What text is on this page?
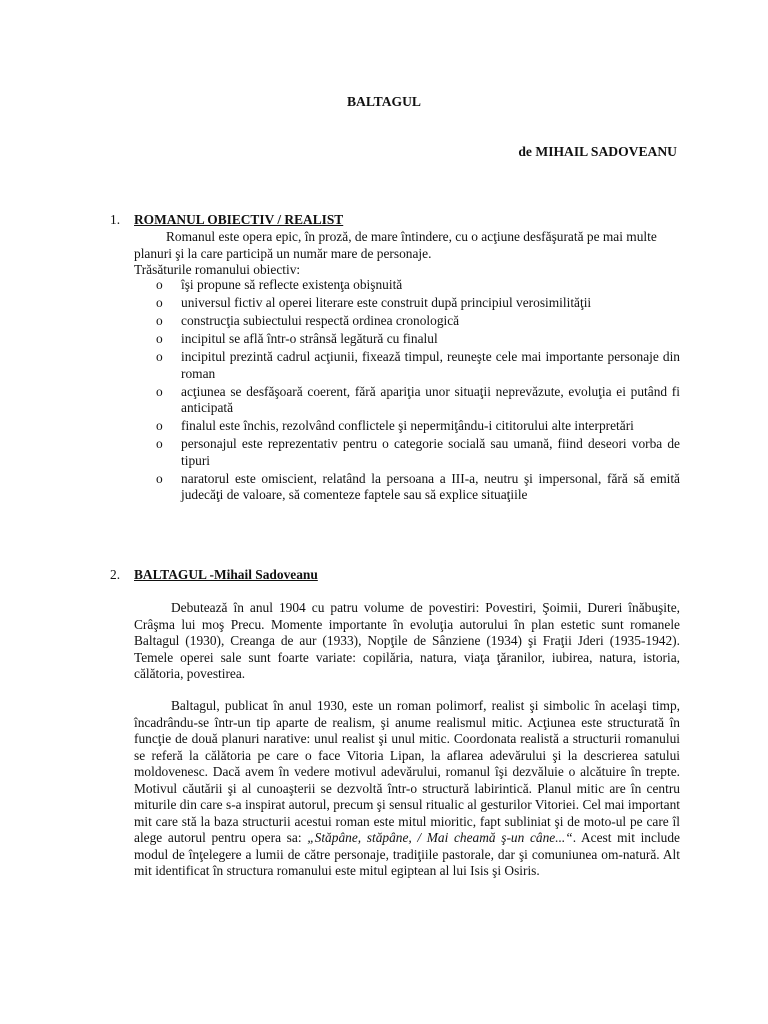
BALTAGUL
de MIHAIL SADOVEANU
1. ROMANUL OBIECTIV / REALIST
Romanul este opera epic, în proză, de mare întindere, cu o acţiune desfăşurată pe mai multe planuri şi la care participă un număr mare de personaje.
Trăsăturile romanului obiectiv:
o îşi propune să reflecte existenţa obişnuită
o universul fictiv al operei literare este construit după principiul verosimilităţii
o construcţia subiectului respectă ordinea cronologică
o incipitul se află într-o strânsă legătură cu finalul
o incipitul prezintă cadrul acţiunii, fixează timpul, reuneşte cele mai importante personaje din roman
o acţiunea se desfăşoară coerent, fără apariţia unor situaţii neprevăzute, evoluţia ei putând fi anticipată
o finalul este închis, rezolvând conflictele şi nepermiţându-i cititorului alte interpretări
o personajul este reprezentativ pentru o categorie socială sau umană, fiind deseori vorba de tipuri
o naratorul este omiscient, relatând la persoana a III-a, neutru şi impersonal, fără să emită judecăţi de valoare, să comenteze faptele sau să explice situaţiile
2. BALTAGUL -Mihail Sadoveanu
Debutează în anul 1904 cu patru volume de povestiri: Povestiri, Şoimii, Dureri înăbuşite, Crâşma lui moş Precu. Momente importante în evoluţia autorului în plan estetic sunt romanele Baltagul (1930), Creanga de aur (1933), Nopţile de Sânziene (1934) şi Fraţii Jderi (1935-1942). Temele operei sale sunt foarte variate: copilăria, natura, viaţa ţăranilor, iubirea, natura, istoria, călătoria, povestirea.
Baltagul, publicat în anul 1930, este un roman polimorf, realist şi simbolic în acelaşi timp, încadrându-se într-un tip aparte de realism, şi anume realismul mitic. Acţiunea este structurată în funcţie de două planuri narative: unul realist şi unul mitic. Coordonata realistă a structurii romanului se referă la călătoria pe care o face Vitoria Lipan, la aflarea adevărului şi la descrierea satului moldovenesc. Dacă avem în vedere motivul adevărului, romanul îşi dezvăluie o alcătuire în trepte. Motivul căutării şi al cunoaşterii se dezvoltă într-o structură labirintică. Planul mitic are în centru miturile din care s-a inspirat autorul, precum şi sensul ritualic al gesturilor Vitoriei. Cel mai important mit care stă la baza structurii acestui roman este mitul mioritic, fapt subliniat şi de moto-ul pe care îl alege autorul pentru opera sa: „Stăpâne, stăpâne, / Mai cheamă ş-un câne...“. Acest mit include modul de înţelegere a lumii de către personaje, tradiţiile pastorale, dar şi comuniunea om-natură. Alt mit identificat în structura romanului este mitul egiptean al lui Isis şi Osiris.
